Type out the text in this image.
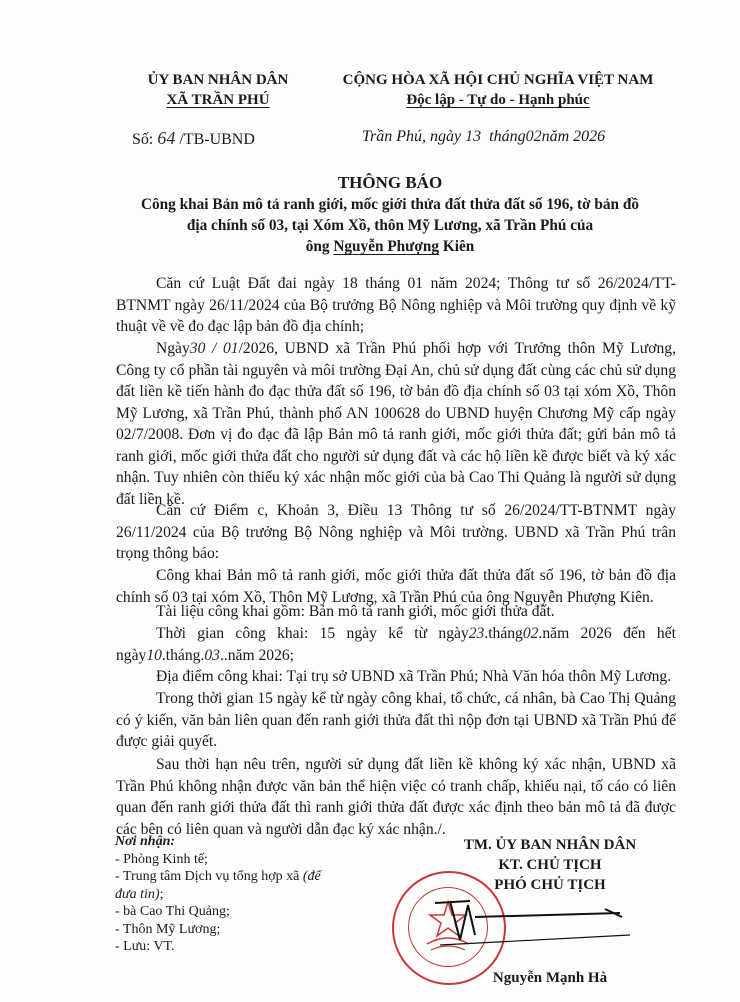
ỦY BAN NHÂN DÂN
XÃ TRẦN PHÚ
CỘNG HÒA XÃ HỘI CHỦ NGHĨA VIỆT NAM
Độc lập - Tự do - Hạnh phúc
Số: 64 /TB-UBND	Trần Phú, ngày 13 tháng02năm 2026
THÔNG BÁO
Công khai Bản mô tả ranh giới, mốc giới thửa đất thửa đất số 196, tờ bản đồ
địa chính số 03, tại Xóm Xồ, thôn Mỹ Lương, xã Trần Phú của
ông Nguyễn Phượng Kiên
Căn cứ Luật Đất đai ngày 18 tháng 01 năm 2024; Thông tư số 26/2024/TT-BTNMT ngày 26/11/2024 của Bộ trưởng Bộ Nông nghiệp và Môi trường quy định về kỹ thuật về về đo đạc lập bản đồ địa chính;
Ngày30 / 01/2026, UBND xã Trần Phú phối hợp với Trưởng thôn Mỹ Lương, Công ty cổ phần tài nguyên và môi trường Đại An, chủ sử dụng đất cùng các chủ sử dụng đất liền kề tiến hành đo đạc thửa đất số 196, tờ bản đồ địa chính số 03 tại xóm Xồ, Thôn Mỹ Lương, xã Trần Phú, thành phố AN 100628 do UBND huyện Chương Mỹ cấp ngày 02/7/2008. Đơn vị đo đạc đã lập Bản mô tả ranh giới, mốc giới thửa đất; gửi bản mô tả ranh giới, mốc giới thửa đất cho người sử dụng đất và các hộ liền kề được biết và ký xác nhận. Tuy nhiên còn thiếu ký xác nhận mốc giới của bà Cao Thi Quảng là người sử dụng đất liền kề.
Căn cứ Điểm c, Khoản 3, Điều 13 Thông tư số 26/2024/TT-BTNMT ngày 26/11/2024 của Bộ trưởng Bộ Nông nghiệp và Môi trường. UBND xã Trần Phú trân trọng thông báo:
Công khai Bản mô tả ranh giới, mốc giới thửa đất thửa đất số 196, tờ bản đồ địa chính số 03 tại xóm Xồ, Thôn Mỹ Lương, xã Trần Phú của ông Nguyễn Phượng Kiên.
Tài liệu công khai gồm: Bản mô tả ranh giới, mốc giới thửa đất.
Thời gian công khai: 15 ngày kể từ ngày23.tháng02.năm 2026 đến hết ngày10.tháng.03..năm 2026;
Địa điểm công khai: Tại trụ sở UBND xã Trần Phú; Nhà Văn hóa thôn Mỹ Lương.
Trong thời gian 15 ngày kể từ ngày công khai, tổ chức, cá nhân, bà Cao Thị Quảng có ý kiến, văn bản liên quan đến ranh giới thửa đất thì nộp đơn tại UBND xã Trần Phú để được giải quyết.
Sau thời hạn nêu trên, người sử dụng đất liền kề không ký xác nhận, UBND xã Trần Phú không nhận được văn bản thể hiện việc có tranh chấp, khiếu nại, tố cáo có liên quan đến ranh giới thửa đất thì ranh giới thửa đất được xác định theo bản mô tả đã được các bên có liên quan và người dẫn đạc ký xác nhận./.
Nơi nhận:
- Phòng Kinh tế;
- Trung tâm Dịch vụ tổng hợp xã (để đưa tin);
- bà Cao Thi Quảng;
- Thôn Mỹ Lương;
- Lưu: VT.
TM. ỦY BAN NHÂN DÂN
KT. CHỦ TỊCH
PHÓ CHỦ TỊCH
Nguyễn Mạnh Hà
